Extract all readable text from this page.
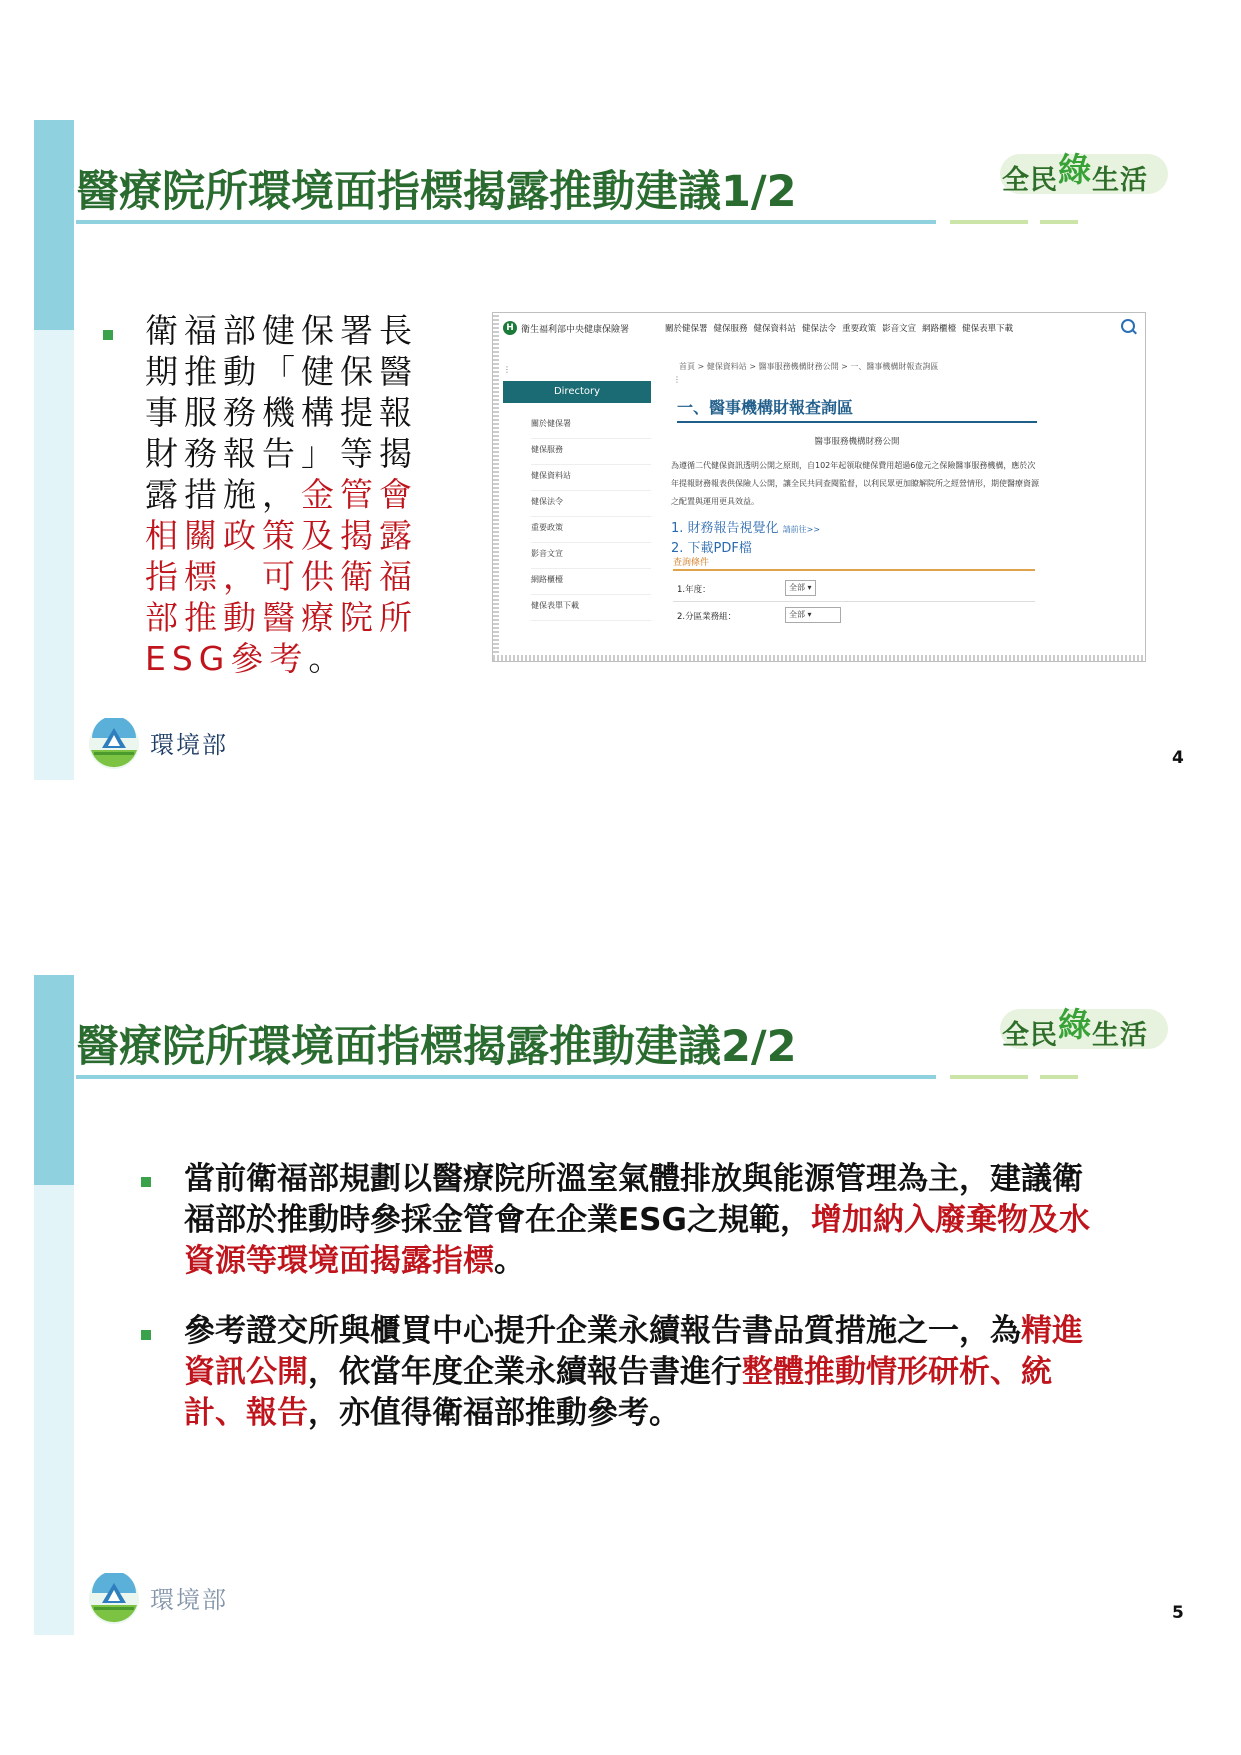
醫療院所環境面指標揭露推動建議1/2	全民綠生活
衛福部健保署長期推動「健保醫事服務機構提報財務報告」等揭露措施，金管會相關政策及揭露指標，可供衛福部推動醫療院所ESG參考。
H 衛生福利部中央健康保險署	關於健保署 健保服務 健保資料站 健保法令 重要政策 影音文宣 網路櫃檯 健保表單下載
⋮
Directory
關於健保署
健保服務
健保資料站
健保法令
重要政策
影音文宣
網路櫃檯
健保表單下載
首頁 > 健保資料站 > 醫事服務機構財務公開 > 一、醫事機構財報查詢區
⋮
一、醫事機構財報查詢區
醫事服務機構財務公開
為遵循二代健保資訊透明公開之原則，自102年起領取健保費用超過6億元之保險醫事服務機構，應於次年提報財務報表供保險人公開，讓全民共同查閱監督，以利民眾更加瞭解院所之經營情形，期使醫療資源之配置與運用更具效益。
1. 財務報告視覺化 請前往>>
2. 下載PDF檔
查詢條件
1.年度：	全部 ▾
2.分區業務組：	全部 ▾
環境部	4
醫療院所環境面指標揭露推動建議2/2	全民綠生活
當前衛福部規劃以醫療院所溫室氣體排放與能源管理為主，建議衛福部於推動時參採金管會在企業ESG之規範，增加納入廢棄物及水資源等環境面揭露指標。
參考證交所與櫃買中心提升企業永續報告書品質措施之一，為精進資訊公開，依當年度企業永續報告書進行整體推動情形研析、統計、報告，亦值得衛福部推動參考。
環境部	5
